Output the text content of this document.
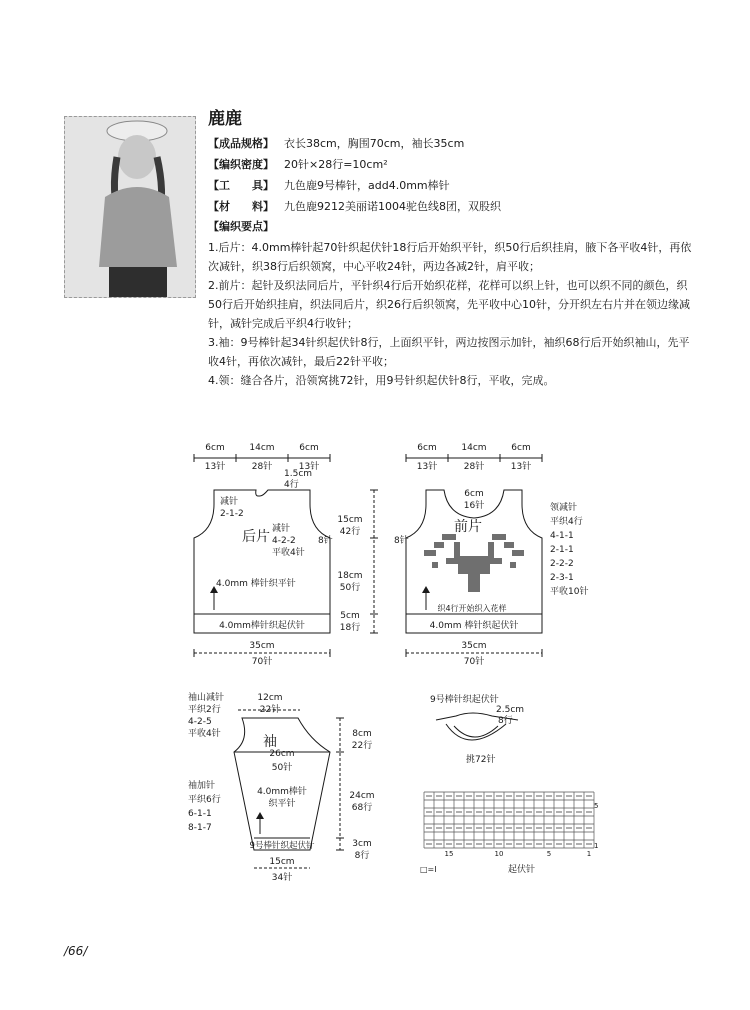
鹿鹿
【成品规格】 衣长38cm，胸围70cm，袖长35cm
【编织密度】 20针×28行=10cm²
【工　　具】 九色鹿9号棒针，add4.0mm棒针
【材　　料】 九色鹿9212美丽诺1004驼色线8团，双股织
【编织要点】

1.后片：4.0mm棒针起70针织起伏针18行后开始织平针，织50行后织挂肩，腋下各平收4针，再依次减针，织38行后织领窝，中心平收24针，两边各减2针，肩平收；

2.前片：起针及织法同后片，平针织4行后开始织花样，花样可以织上针，也可以织不同的颜色，织50行后开始织挂肩，织法同后片，织26行后织领窝，先平收中心10针，分开织左右片并在领边缘减针，减针完成后平织4行收针；

3.袖：9号棒针起34针织起伏针8行，上面织平针，两边按图示加针，袖织68行后开始织袖山，先平收4针，再依次减针，最后22针平收；

4.领：缝合各片，沿领窝挑72针，用9号针织起伏针8行，平收，完成。

6cm	14cm	6cm
13针	28针	13针
1.5cm
4行
减针
2-1-2
后片 减针
4-2-2
平收4针
8针
4.0mm 棒针织平针
4.0mm棒针织起伏针
15cm
42行
18cm
50行
5cm
18行
35cm
70针
6cm	14cm	6cm
13针	28针	13针
6cm
16针
前片
8针
织4行开始织入花样
4.0mm 棒针织起伏针
35cm
70针
领减针
平织4行
4-1-1
2-1-1
2-2-2
2-3-1
平收10针
袖山减针
平织2行
4-2-5
平收4针
12cm
22针
袖
26cm
50针
4.0mm棒针
织平针
袖加针
平织6行
6-1-1
8-1-7
8cm
22行
24cm
68行
3cm
8行
9号棒针织起伏针
15cm
34针
9号棒针织起伏针
2.5cm
8行
挑72针
5
1
15	10	5	1
□=Ⅰ	起伏针
/66/
